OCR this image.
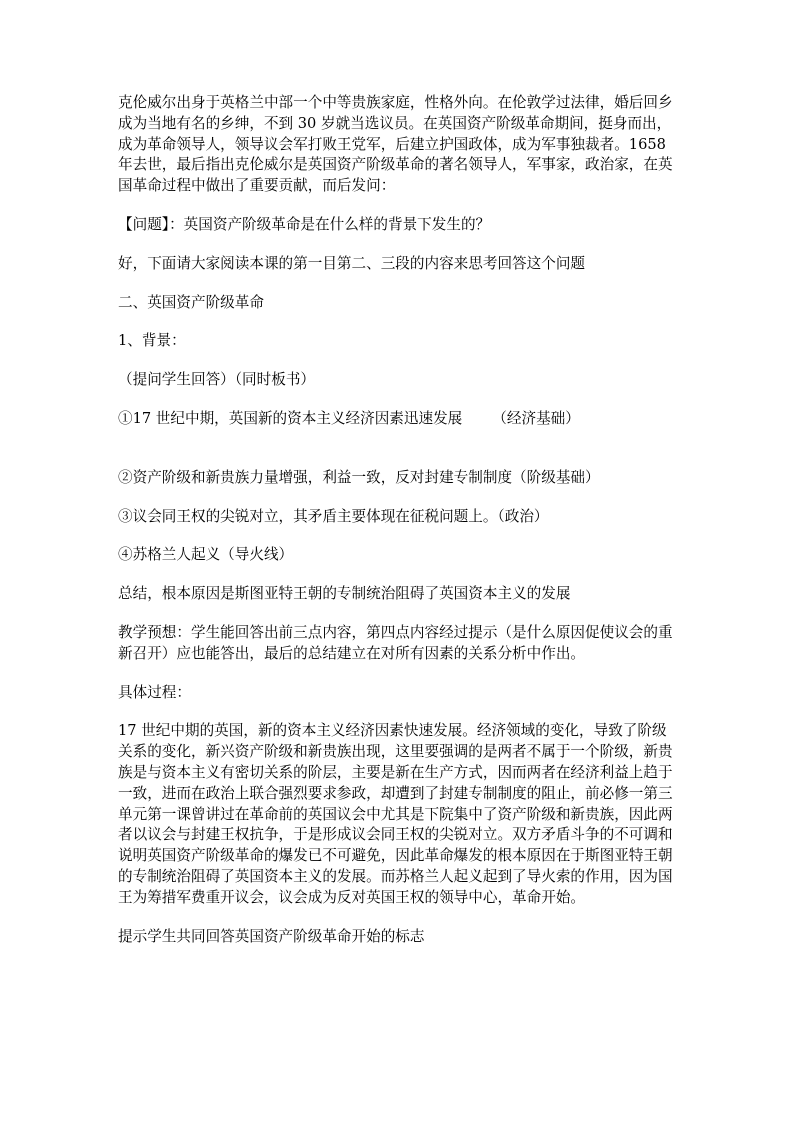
克伦威尔出身于英格兰中部一个中等贵族家庭，性格外向。在伦敦学过法律，婚后回乡成为当地有名的乡绅，不到 30 岁就当选议员。在英国资产阶级革命期间，挺身而出，成为革命领导人，领导议会军打败王党军，后建立护国政体，成为军事独裁者。1658 年去世，最后指出克伦威尔是英国资产阶级革命的著名领导人，军事家，政治家，在英国革命过程中做出了重要贡献，而后发问：

【问题】：英国资产阶级革命是在什么样的背景下发生的？

好，下面请大家阅读本课的第一目第二、三段的内容来思考回答这个问题

二、英国资产阶级革命

1、背景：

（提问学生回答）（同时板书）

①17 世纪中期，英国新的资本主义经济因素迅速发展 （经济基础）

②资产阶级和新贵族力量增强，利益一致，反对封建专制制度（阶级基础）

③议会同王权的尖锐对立，其矛盾主要体现在征税问题上。（政治）

④苏格兰人起义（导火线）

总结，根本原因是斯图亚特王朝的专制统治阻碍了英国资本主义的发展

教学预想：学生能回答出前三点内容，第四点内容经过提示（是什么原因促使议会的重新召开）应也能答出，最后的总结建立在对所有因素的关系分析中作出。

具体过程：

17 世纪中期的英国，新的资本主义经济因素快速发展。经济领域的变化，导致了阶级关系的变化，新兴资产阶级和新贵族出现，这里要强调的是两者不属于一个阶级，新贵族是与资本主义有密切关系的阶层，主要是新在生产方式，因而两者在经济利益上趋于一致，进而在政治上联合强烈要求参政，却遭到了封建专制制度的阻止，前必修一第三单元第一课曾讲过在革命前的英国议会中尤其是下院集中了资产阶级和新贵族，因此两者以议会与封建王权抗争，于是形成议会同王权的尖锐对立。双方矛盾斗争的不可调和说明英国资产阶级革命的爆发已不可避免，因此革命爆发的根本原因在于斯图亚特王朝的专制统治阻碍了英国资本主义的发展。而苏格兰人起义起到了导火索的作用，因为国王为筹措军费重开议会，议会成为反对英国王权的领导中心，革命开始。

提示学生共同回答英国资产阶级革命开始的标志
